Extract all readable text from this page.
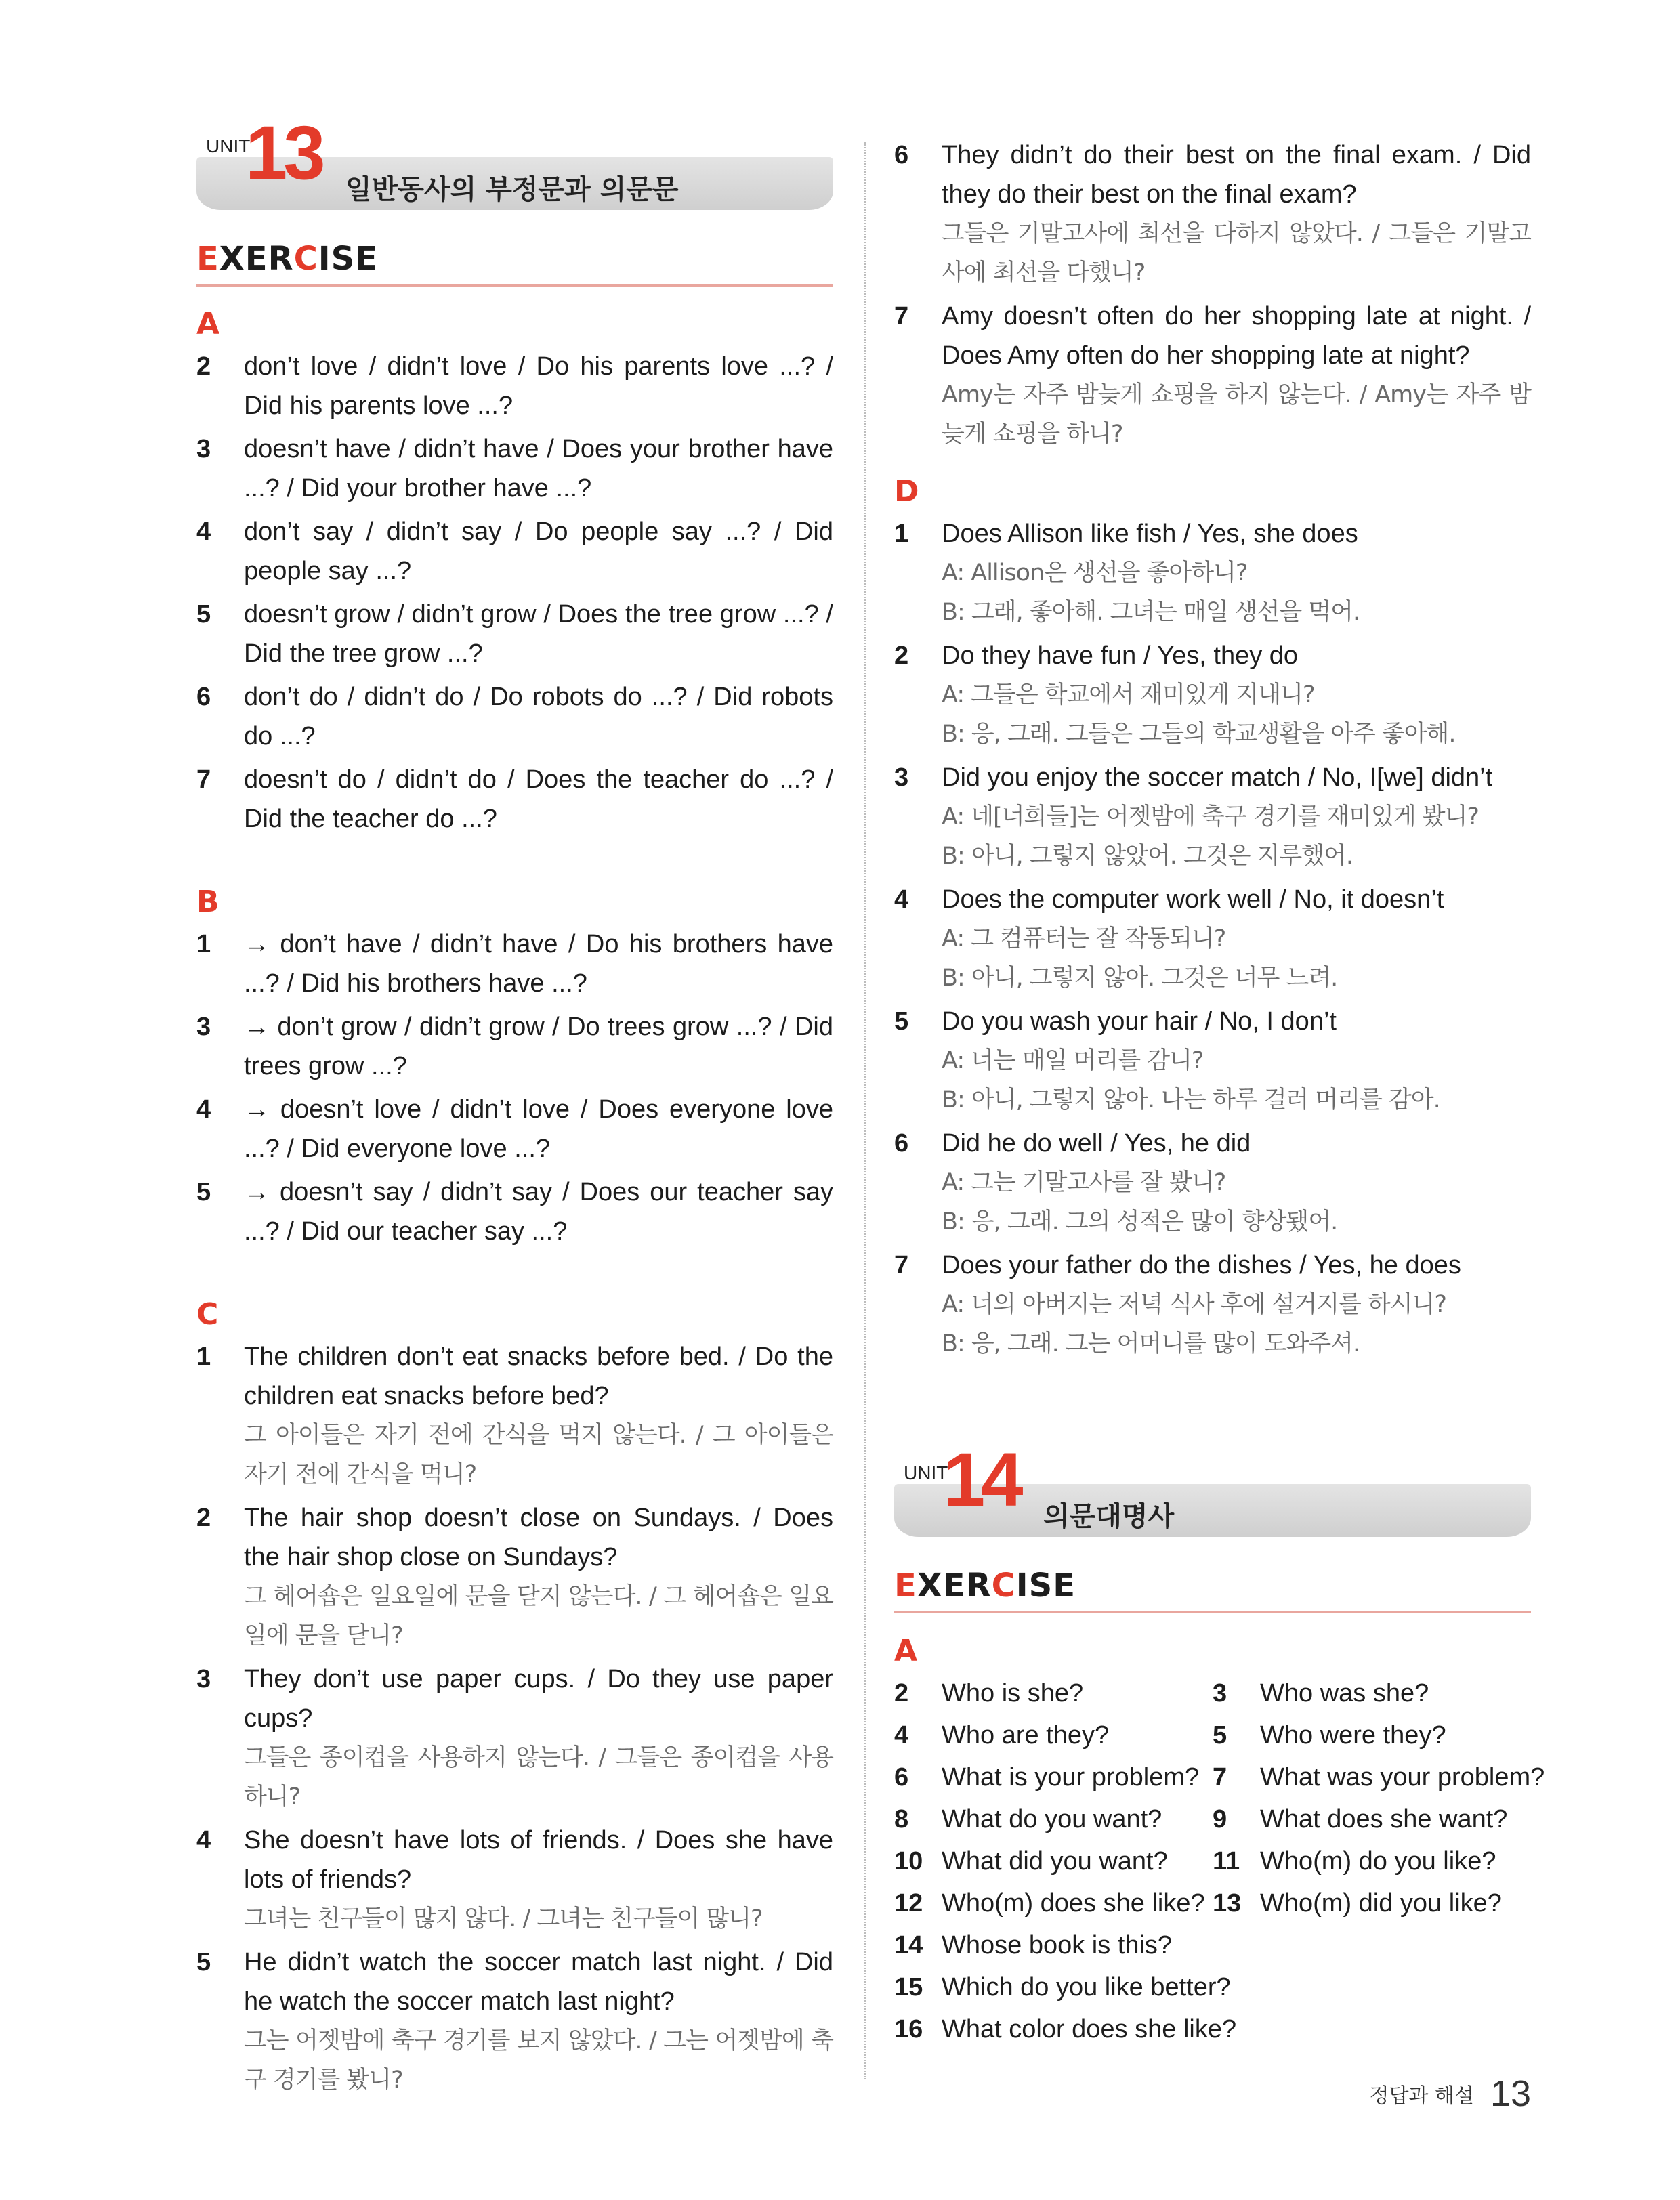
UNIT
13 일반동사의 부정문과 의문문
EXERCISE
A
2 don’t love / didn’t love / Do his parents love ...? / Did his parents love ...?
3 doesn’t have / didn’t have / Does your brother have ...? / Did your brother have ...?
4 don’t say / didn’t say / Do people say ...? / Did people say ...?
5 doesn’t grow / didn’t grow / Does the tree grow ...? / Did the tree grow ...?
6 don’t do / didn’t do / Do robots do ...? / Did robots do ...?
7 doesn’t do / didn’t do / Does the teacher do ...? / Did the teacher do ...?
B
1 → don’t have / didn’t have / Do his brothers have ...? / Did his brothers have ...?
3 → don’t grow / didn’t grow / Do trees grow ...? / Did trees grow ...?
4 → doesn’t love / didn’t love / Does everyone love ...? / Did everyone love ...?
5 → doesn’t say / didn’t say / Does our teacher say ...? / Did our teacher say ...?
C
1 The children don’t eat snacks before bed. / Do the children eat snacks before bed?
그 아이들은 자기 전에 간식을 먹지 않는다. / 그 아이들은 자기 전에 간식을 먹니?
2 The hair shop doesn’t close on Sundays. / Does the hair shop close on Sundays?
그 헤어숍은 일요일에 문을 닫지 않는다. / 그 헤어숍은 일요일에 문을 닫니?
3 They don’t use paper cups. / Do they use paper cups?
그들은 종이컵을 사용하지 않는다. / 그들은 종이컵을 사용하니?
4 She doesn’t have lots of friends. / Does she have lots of friends?
그녀는 친구들이 많지 않다. / 그녀는 친구들이 많니?
5 He didn’t watch the soccer match last night. / Did he watch the soccer match last night?
그는 어젯밤에 축구 경기를 보지 않았다. / 그는 어젯밤에 축구 경기를 봤니?
6 They didn’t do their best on the final exam. / Did they do their best on the final exam?
그들은 기말고사에 최선을 다하지 않았다. / 그들은 기말고사에 최선을 다했니?
7 Amy doesn’t often do her shopping late at night. / Does Amy often do her shopping late at night?
Amy는 자주 밤늦게 쇼핑을 하지 않는다. / Amy는 자주 밤늦게 쇼핑을 하니?
D
1 Does Allison like fish / Yes, she does
A: Allison은 생선을 좋아하니?
B: 그래, 좋아해. 그녀는 매일 생선을 먹어.
2 Do they have fun / Yes, they do
A: 그들은 학교에서 재미있게 지내니?
B: 응, 그래. 그들은 그들의 학교생활을 아주 좋아해.
3 Did you enjoy the soccer match / No, I[we] didn’t
A: 네[너희들]는 어젯밤에 축구 경기를 재미있게 봤니?
B: 아니, 그렇지 않았어. 그것은 지루했어.
4 Does the computer work well / No, it doesn’t
A: 그 컴퓨터는 잘 작동되니?
B: 아니, 그렇지 않아. 그것은 너무 느려.
5 Do you wash your hair / No, I don’t
A: 너는 매일 머리를 감니?
B: 아니, 그렇지 않아. 나는 하루 걸러 머리를 감아.
6 Did he do well / Yes, he did
A: 그는 기말고사를 잘 봤니?
B: 응, 그래. 그의 성적은 많이 향상됐어.
7 Does your father do the dishes / Yes, he does
A: 너의 아버지는 저녁 식사 후에 설거지를 하시니?
B: 응, 그래. 그는 어머니를 많이 도와주셔.
UNIT
14 의문대명사
EXERCISE
A
2 Who is she?	3 Who was she?
4 Who are they?	5 Who were they?
6 What is your problem? 7 What was your problem?
8 What do you want?	9 What does she want?
10 What did you want?	11 Who(m) do you like?
12 Who(m) does she like? 13 Who(m) did you like?
14 Whose book is this?
15 Which do you like better?
16 What color does she like?
정답과 해설 13
